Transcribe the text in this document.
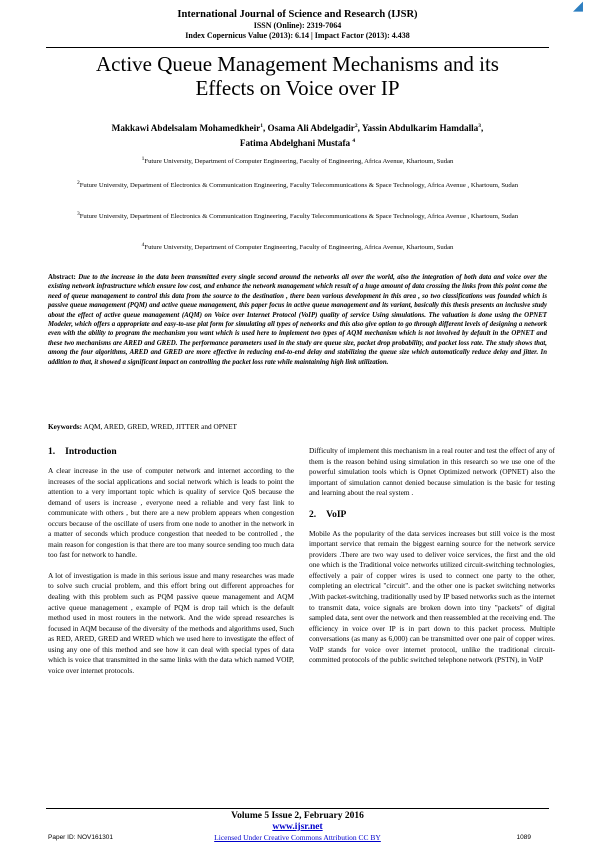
◢
International Journal of Science and Research (IJSR)
ISSN (Online): 2319-7064
Index Copernicus Value (2013): 6.14 | Impact Factor (2013): 4.438
Active Queue Management Mechanisms and its
Effects on Voice over IP
Makkawi Abdelsalam Mohamedkheir$^1$, Osama Ali Abdelgadir$^2$, Yassin Abdulkarim Hamdalla$^3$,
Fatima Abdelghani Mustafa $^4$
$^1$Future University, Department of Computer Engineering, Faculty of Engineering, Africa Avenue, Khartoum, Sudan
$^2$Future University, Department of Electronics & Communication Engineering, Faculty Telecommunications & Space Technology, Africa Avenue , Khartoum, Sudan
$^3$Future University, Department of Electronics & Communication Engineering, Faculty Telecommunications & Space Technology, Africa Avenue , Khartoum, Sudan
$^4$Future University, Department of Computer Engineering, Faculty of Engineering, Africa Avenue, Khartoum, Sudan
Abstract: Due to the increase in the data been transmitted every single second around the networks all over the world, also the integration of both data and voice over the existing network infrastructure which ensure low cost, and enhance the network management which result of a huge amount of data crossing the links from this point come the need of queue management to control this data from the source to the destination , there been various development in this area , so two classifications was founded which is passive queue management (PQM) and active queue management, this paper focus in active queue management and its variant, basically this thesis presents an inclusive study about the effect of active queue management (AQM) on Voice over Internet Protocol (VoIP) quality of service Using simulations. The valuation is done using the OPNET Modeler, which offers a appropriate and easy-to-use plat form for simulating all types of networks and this also give option to go through different levels of designing a network even with the ability to program the mechanism you want which is used here to implement two types of AQM mechanism which is not involved by default in the OPNET and these two mechanisms are ARED and GRED. The performance parameters used in the study are queue size, packet drop probability, and packet loss rate. The study shows that, among the four algorithms, ARED and GRED are more effective in reducing end-to-end delay and stabilizing the queue size which automatically reduce delay and jitter. In addition to that, it showed a significant impact on controlling the packet loss rate while maintaining high link utilization.
Keywords: AQM, ARED, GRED, WRED, JITTER and OPNET
1. Introduction

A clear increase in the use of computer network and internet according to the increases of the social applications and social network which is leads to point the attention to a very important topic which is quality of service QoS because the demand of users is increase , everyone need a reliable and very fast link to communicate with others , but there are a new problem appears when congestion occurs because of the oscillate of users from one node to another in the network in a matter of seconds which produce congestion that needed to be controlled , the main reason for congestion is that there are too many source sending too much data too fast for network to handle.

A lot of investigation is made in this serious issue and many researches was made to solve such crucial problem, and this effort bring out different approaches for dealing with this problem such as PQM passive queue management and AQM active queue management , example of PQM is drop tail which is the default method used in most routers in the network. And the wide spread researches is focused in AQM because of the diversity of the methods and algorithms used, Such as RED, ARED, GRED and WRED which we used here to investigate the effect of using any one of this method and see how it can deal with special types of data which is voice that transmitted in the same links with the data which named VOIP, voice over internet protocols.

Difficulty of implement this mechanism in a real router and test the effect of any of them is the reason behind using simulation in this research so we use one of the powerful simulation tools which is Opnet Optimized network (OPNET) also the important of simulation cannot denied because simulation is the basic for testing and learning about the real system .

2. VoIP

Mobile As the popularity of the data services increases but still voice is the most important service that remain the biggest earning source for the network service providers .There are two way used to deliver voice services, the first and the old one which is the Traditional voice networks utilized circuit-switching technologies, effectively a pair of copper wires is used to connect one party to the other, completing an electrical "circuit". and the other one is packet switching networks ,With packet-switching, traditionally used by IP based networks such as the internet to transmit data, voice signals are broken down into tiny "packets" of digital sampled data, sent over the network and then reassembled at the receiving end. The efficiency in voice over IP is in part down to this packet process. Multiple conversations (as many as 6,000) can be transmitted over one pair of copper wires. VoIP stands for voice over internet protocol, unlike the traditional circuit-committed protocols of the public switched telephone network (PSTN), in VoIP

Volume 5 Issue 2, February 2016
www.ijsr.net
Licensed Under Creative Commons Attribution CC BY
Paper ID: NOV161301	1089
